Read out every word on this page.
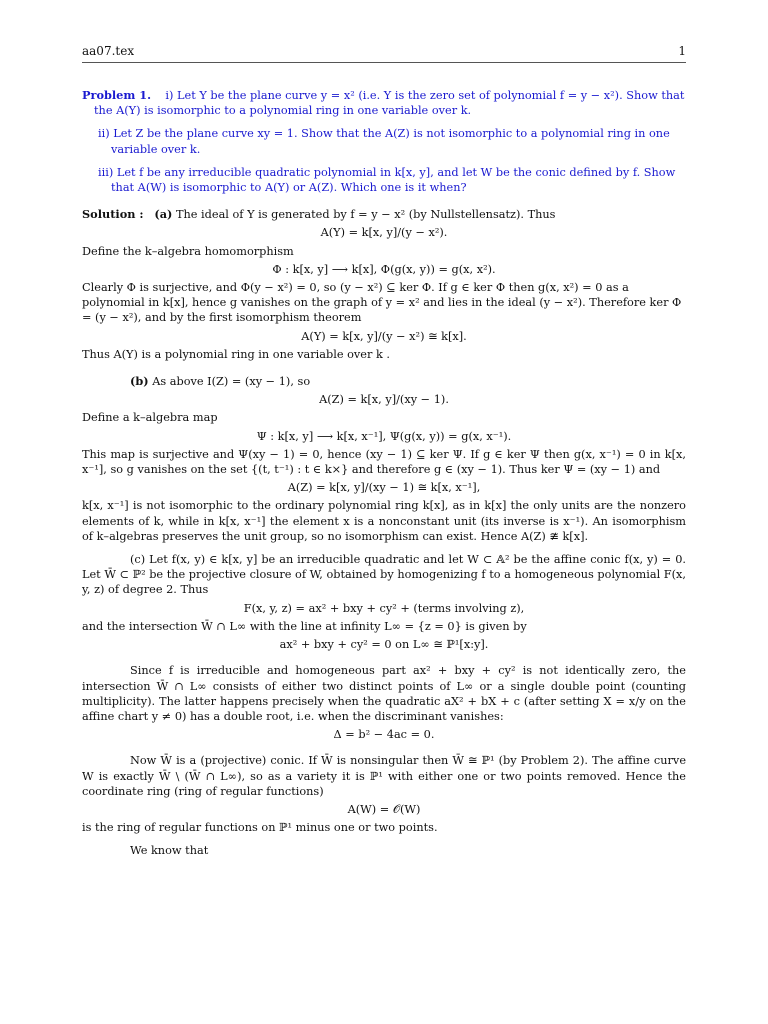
aa07.tex	1

Problem 1. i) Let Y be the plane curve y = x² (i.e. Y is the zero set of polynomial f = y − x²). Show that the A(Y) is isomorphic to a polynomial ring in one variable over k.

ii) Let Z be the plane curve xy = 1. Show that the A(Z) is not isomorphic to a polynomial ring in one variable over k.

iii) Let f be any irreducible quadratic polynomial in k[x, y], and let W be the conic defined by f. Show that A(W) is isomorphic to A(Y) or A(Z). Which one is it when?

Solution : (a) The ideal of Y is generated by f = y − x² (by Nullstellensatz). Thus

A(Y) = k[x, y]/(y − x²).

Define the k–algebra homomorphism

Φ : k[x, y] ⟶ k[x], Φ(g(x, y)) = g(x, x²).

Clearly Φ is surjective, and Φ(y − x²) = 0, so (y − x²) ⊆ ker Φ. If g ∈ ker Φ then g(x, x²) = 0 as a polynomial in k[x], hence g vanishes on the graph of y = x² and lies in the ideal (y − x²). Therefore ker Φ = (y − x²), and by the first isomorphism theorem

A(Y) = k[x, y]/(y − x²) ≅ k[x].

Thus A(Y) is a polynomial ring in one variable over k .

(b) As above I(Z) = (xy − 1), so

A(Z) = k[x, y]/(xy − 1).

Define a k–algebra map

Ψ : k[x, y] ⟶ k[x, x⁻¹], Ψ(g(x, y)) = g(x, x⁻¹).

This map is surjective and Ψ(xy − 1) = 0, hence (xy − 1) ⊆ ker Ψ. If g ∈ ker Ψ then g(x, x⁻¹) = 0 in k[x, x⁻¹], so g vanishes on the set {(t, t⁻¹) : t ∈ k×} and therefore g ∈ (xy − 1). Thus ker Ψ = (xy − 1) and

A(Z) = k[x, y]/(xy − 1) ≅ k[x, x⁻¹],

k[x, x⁻¹] is not isomorphic to the ordinary polynomial ring k[x], as in k[x] the only units are the nonzero elements of k, while in k[x, x⁻¹] the element x is a nonconstant unit (its inverse is x⁻¹). An isomorphism of k–algebras preserves the unit group, so no isomorphism can exist. Hence A(Z) ≇ k[x].

(c) Let f(x, y) ∈ k[x, y] be an irreducible quadratic and let W ⊂ 𝔸² be the affine conic f(x, y) = 0. Let W̄ ⊂ ℙ² be the projective closure of W, obtained by homogenizing f to a homogeneous polynomial F(x, y, z) of degree 2. Thus

F(x, y, z) = ax² + bxy + cy² + (terms involving z),

and the intersection W̄ ∩ L∞ with the line at infinity L∞ = {z = 0} is given by

ax² + bxy + cy² = 0 on L∞ ≅ ℙ¹[x:y].

Since f is irreducible and homogeneous part ax² + bxy + cy² is not identically zero, the intersection W̄ ∩ L∞ consists of either two distinct points of L∞ or a single double point (counting multiplicity). The latter happens precisely when the quadratic aX² + bX + c (after setting X = x/y on the affine chart y ≠ 0) has a double root, i.e. when the discriminant vanishes:

Δ = b² − 4ac = 0.

Now W̄ is a (projective) conic. If W̄ is nonsingular then W̄ ≅ ℙ¹ (by Problem 2). The affine curve W is exactly W̄ \ (W̄ ∩ L∞), so as a variety it is ℙ¹ with either one or two points removed. Hence the coordinate ring (ring of regular functions)

A(W) = 𝒪(W)

is the ring of regular functions on ℙ¹ minus one or two points.

We know that
